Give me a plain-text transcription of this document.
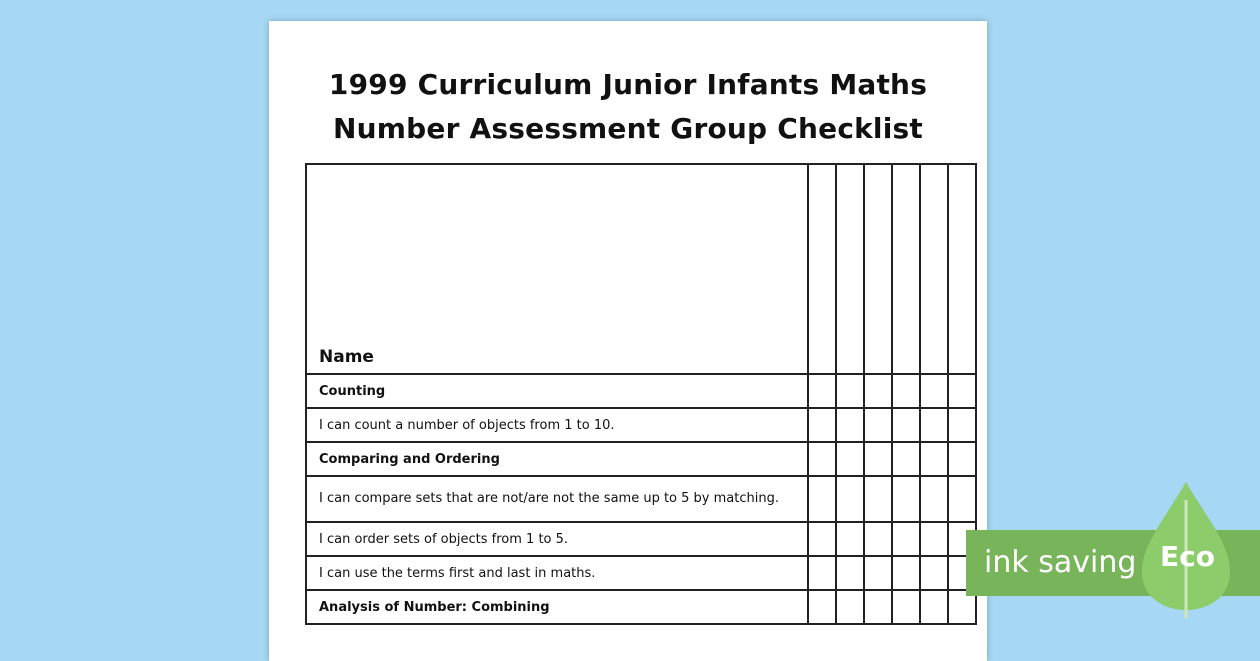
1999 Curriculum Junior Infants Maths
Number Assessment Group Checklist
Name						
Counting						
I can count a number of objects from 1 to 10.						
Comparing and Ordering						
I can compare sets that are not/are not the same up to 5 by matching.						
I can order sets of objects from 1 to 5.						
I can use the terms first and last in maths.						
Analysis of Number: Combining						
ink saving Eco
